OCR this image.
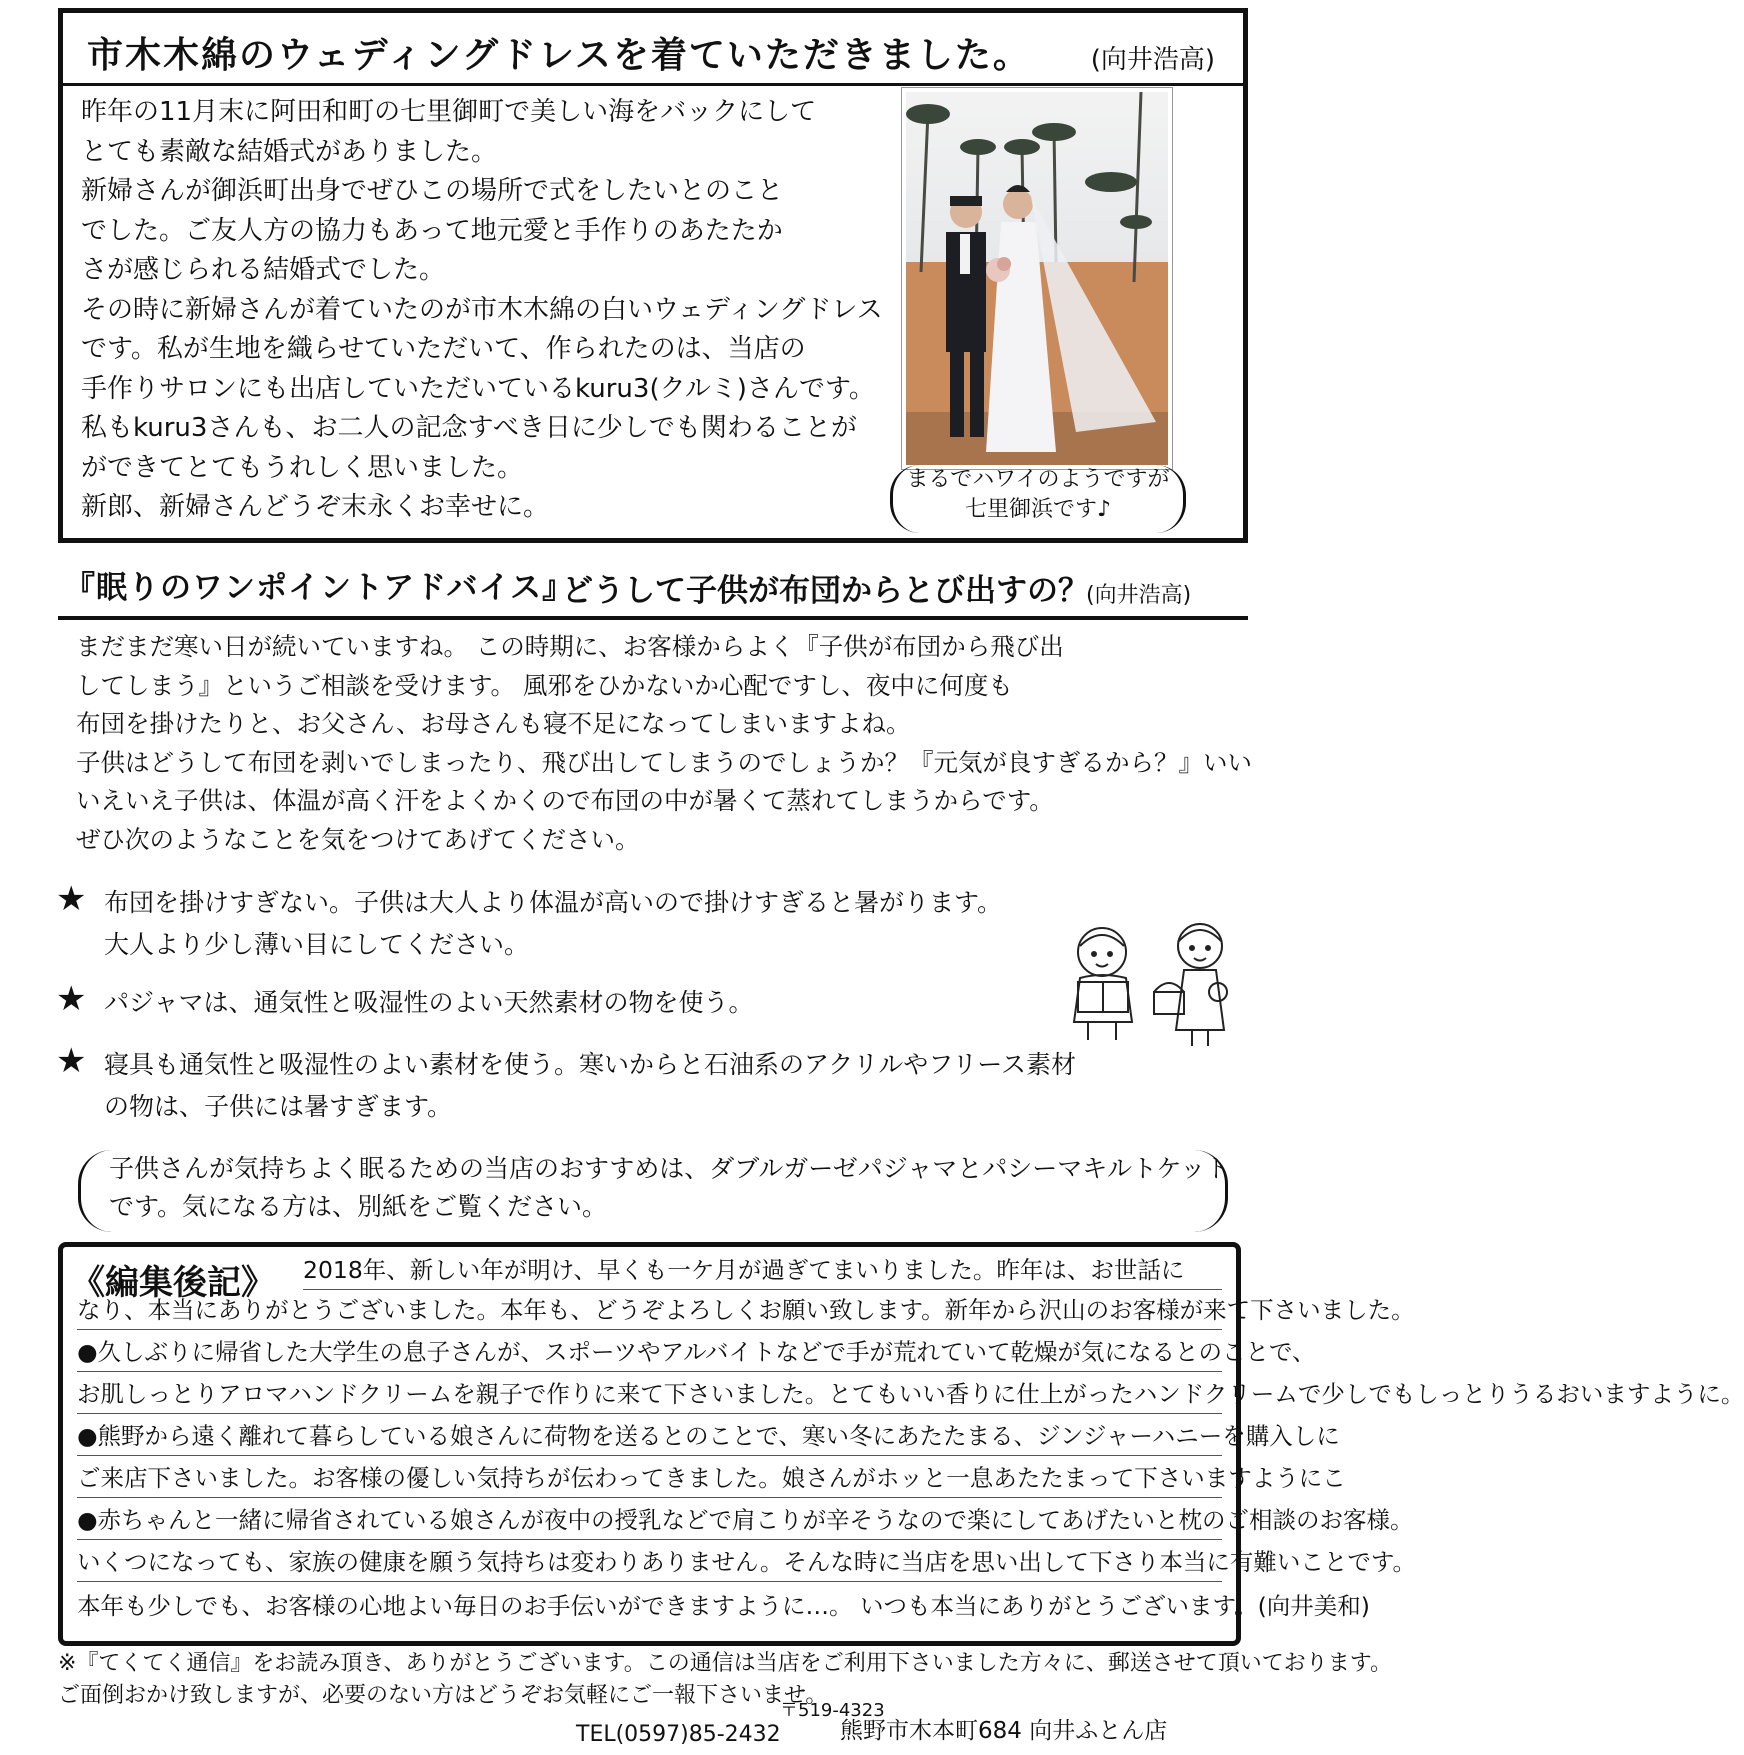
市木木綿のウェディングドレスを着ていただきました。 (向井浩高)
昨年の11月末に阿田和町の七里御町で美しい海をバックにして
とても素敵な結婚式がありました。
新婦さんが御浜町出身でぜひこの場所で式をしたいとのこと
でした。ご友人方の協力もあって地元愛と手作りのあたたか
さが感じられる結婚式でした。
その時に新婦さんが着ていたのが市木木綿の白いウェディングドレス
です。私が生地を織らせていただいて、作られたのは、当店の
手作りサロンにも出店していただいているkuru3(クルミ)さんです。
私もkuru3さんも、お二人の記念すべき日に少しでも関わることが
ができてとてもうれしく思いました。
新郎、新婦さんどうぞ末永くお幸せに。
まるでハワイのようですが
七里御浜です♪
『眠りのワンポイントアドバイス』
どうして子供が布団からとび出すの？
(向井浩高)
まだまだ寒い日が続いていますね。 この時期に、お客様からよく『子供が布団から飛び出
してしまう』というご相談を受けます。 風邪をひかないか心配ですし、夜中に何度も
布団を掛けたりと、お父さん、お母さんも寝不足になってしまいますよね。
子供はどうして布団を剥いでしまったり、飛び出してしまうのでしょうか？『元気が良すぎるから？』いい
いえいえ子供は、体温が高く汗をよくかくので布団の中が暑くて蒸れてしまうからです。
ぜひ次のようなことを気をつけてあげてください。
★ 布団を掛けすぎない。子供は大人より体温が高いので掛けすぎると暑がります。
大人より少し薄い目にしてください。
★ パジャマは、通気性と吸湿性のよい天然素材の物を使う。
★ 寝具も通気性と吸湿性のよい素材を使う。寒いからと石油系のアクリルやフリース素材
の物は、子供には暑すぎます。
子供さんが気持ちよく眠るための当店のおすすめは、ダブルガーゼパジャマとパシーマキルトケット
です。気になる方は、別紙をご覧ください。
《編集後記》 2018年、新しい年が明け、早くも一ケ月が過ぎてまいりました。昨年は、お世話に
なり、本当にありがとうございました。本年も、どうぞよろしくお願い致します。新年から沢山のお客様が来て下さいました。
●久しぶりに帰省した大学生の息子さんが、スポーツやアルバイトなどで手が荒れていて乾燥が気になるとのことで、
お肌しっとりアロマハンドクリームを親子で作りに来て下さいました。とてもいい香りに仕上がったハンドクリームで少しでもしっとりうるおいますように。
●熊野から遠く離れて暮らしている娘さんに荷物を送るとのことで、寒い冬にあたたまる、ジンジャーハニーを購入しに
ご来店下さいました。お客様の優しい気持ちが伝わってきました。娘さんがホッと一息あたたまって下さいますようにこ
●赤ちゃんと一緒に帰省されている娘さんが夜中の授乳などで肩こりが辛そうなので楽にしてあげたいと枕のご相談のお客様。
いくつになっても、家族の健康を願う気持ちは変わりありません。そんな時に当店を思い出して下さり本当に有難いことです。
本年も少しでも、お客様の心地よい毎日のお手伝いができますように…。 いつも本当にありがとうございます。(向井美和)
※『てくてく通信』をお読み頂き、ありがとうございます。この通信は当店をご利用下さいました方々に、郵送させて頂いております。
ご面倒おかけ致しますが、必要のない方はどうぞお気軽にご一報下さいませ。
〒519-4323
TEL(0597)85-2432	熊野市木本町684 向井ふとん店
